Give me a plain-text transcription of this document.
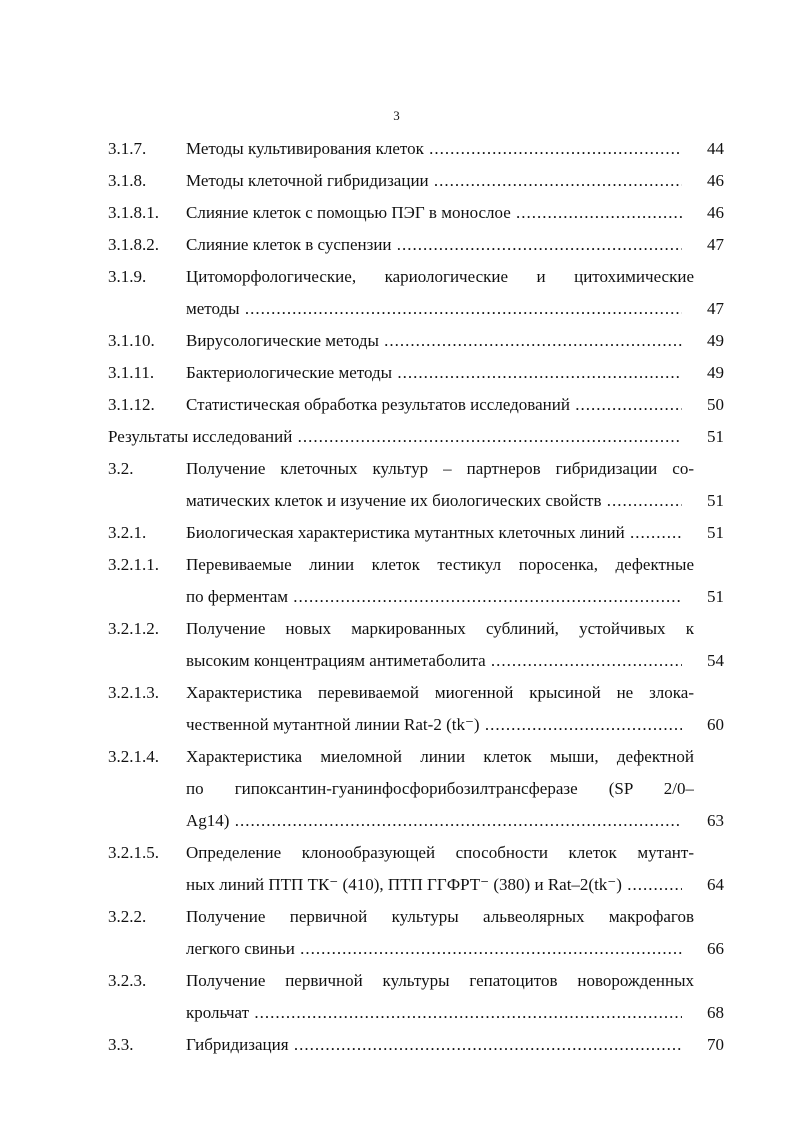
3
3.1.7. Методы культивирования клеток .....	44
3.1.8. Методы клеточной гибридизации .....	46
3.1.8.1. Слияние клеток с помощью ПЭГ в монослое .....	46
3.1.8.2. Слияние клеток в суспензии .....	47
3.1.9. Цитоморфологические, кариологические и цитохимические
методы .....	47
3.1.10. Вирусологические методы .....	49
3.1.11. Бактериологические методы .....	49
3.1.12. Статистическая обработка результатов исследований .....	50
Результаты исследований .....	51
3.2.	Получение клеточных культур – партнеров гибридизации со-
матических клеток и изучение их биологических свойств .....	51
3.2.1. Биологическая характеристика мутантных клеточных линий .....	51
3.2.1.1. Перевиваемые линии клеток тестикул поросенка, дефектные
по ферментам .....	51
3.2.1.2. Получение новых маркированных сублиний, устойчивых к
высоким концентрациям антиметаболита .....	54
3.2.1.3. Характеристика перевиваемой миогенной крысиной не злока-
чественной мутантной линии Rat-2 (tk⁻) .....	60
3.2.1.4. Характеристика миеломной линии клеток мыши, дефектной
по гипоксантин-гуанинфосфорибозилтрансферазе (SP 2/0–
Ag14) .....	63
3.2.1.5. Определение клонообразующей способности клеток мутант-
ных линий ПТП ТК⁻ (410), ПТП ГГФРТ⁻ (380) и Rat–2(tk⁻) .....	64
3.2.2. Получение первичной культуры альвеолярных макрофагов
легкого свиньи .....	66
3.2.3. Получение первичной культуры гепатоцитов новорожденных
крольчат .....	68
3.3.	Гибридизация .....	70
